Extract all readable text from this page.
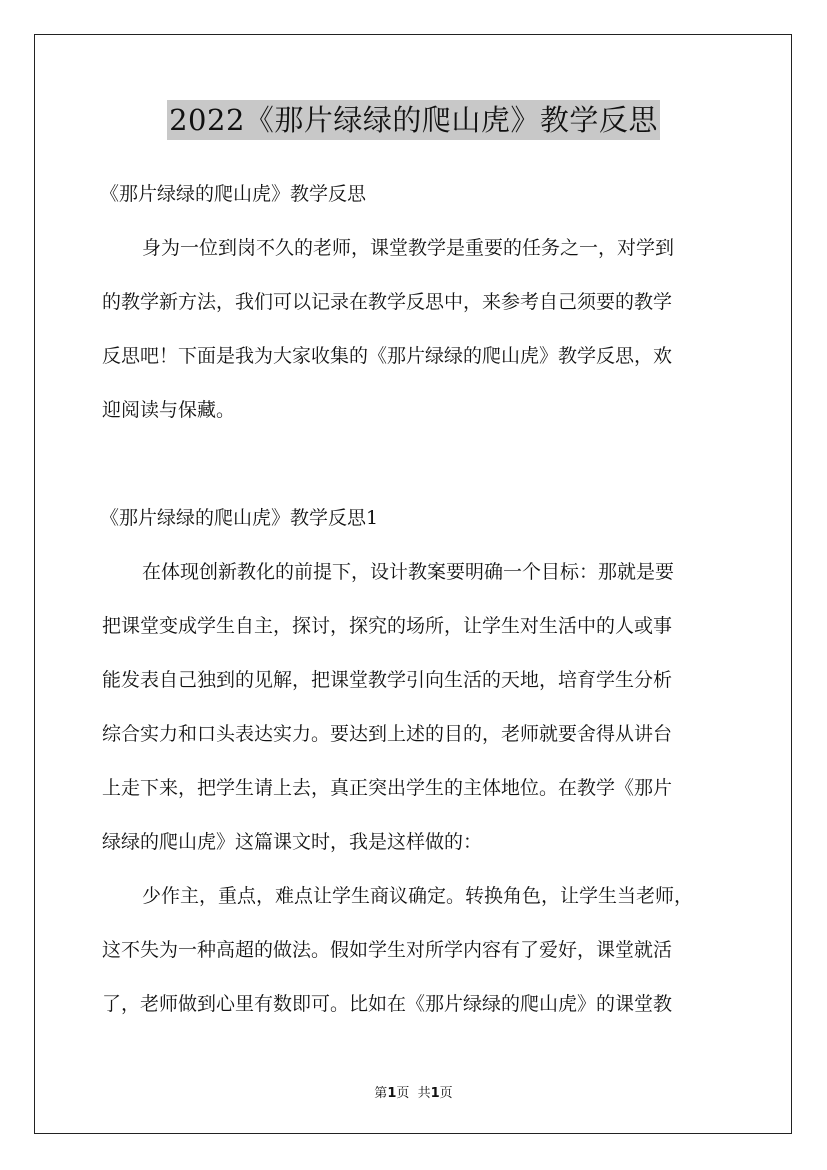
2022《那片绿绿的爬山虎》教学反思
《那片绿绿的爬山虎》教学反思
身为一位到岗不久的老师，课堂教学是重要的任务之一，对学到
的教学新方法，我们可以记录在教学反思中，来参考自己须要的教学
反思吧！下面是我为大家收集的《那片绿绿的爬山虎》教学反思，欢
迎阅读与保藏。
《那片绿绿的爬山虎》教学反思1
在体现创新教化的前提下，设计教案要明确一个目标：那就是要
把课堂变成学生自主，探讨，探究的场所，让学生对生活中的人或事
能发表自己独到的见解，把课堂教学引向生活的天地，培育学生分析
综合实力和口头表达实力。要达到上述的目的，老师就要舍得从讲台
上走下来，把学生请上去，真正突出学生的主体地位。在教学《那片
绿绿的爬山虎》这篇课文时，我是这样做的：
少作主，重点，难点让学生商议确定。转换角色，让学生当老师，
这不失为一种高超的做法。假如学生对所学内容有了爱好，课堂就活
了，老师做到心里有数即可。比如在《那片绿绿的爬山虎》的课堂教
第1页  共1页
